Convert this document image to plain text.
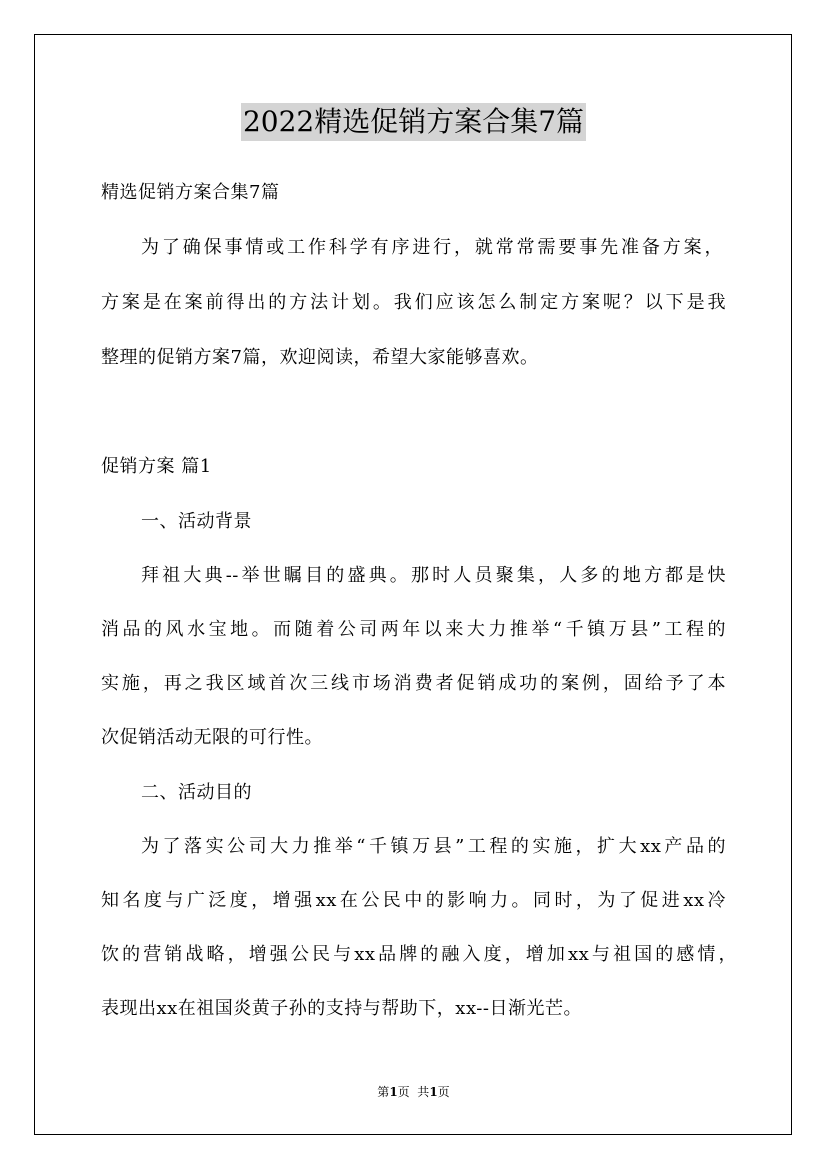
2022精选促销方案合集7篇
精选促销方案合集7篇
为了确保事情或工作科学有序进行，就常常需要事先准备方案，
方案是在案前得出的方法计划。我们应该怎么制定方案呢？以下是我
整理的促销方案7篇，欢迎阅读，希望大家能够喜欢。
促销方案 篇1
一、活动背景
拜祖大典--举世瞩目的盛典。那时人员聚集，人多的地方都是快
消品的风水宝地。而随着公司两年以来大力推举“千镇万县”工程的
实施，再之我区域首次三线市场消费者促销成功的案例，固给予了本
次促销活动无限的可行性。
二、活动目的
为了落实公司大力推举“千镇万县”工程的实施，扩大xx产品的
知名度与广泛度，增强xx在公民中的影响力。同时，为了促进xx冷
饮的营销战略，增强公民与xx品牌的融入度，增加xx与祖国的感情，
表现出xx在祖国炎黄子孙的支持与帮助下，xx--日渐光芒。
第1页  共1页
